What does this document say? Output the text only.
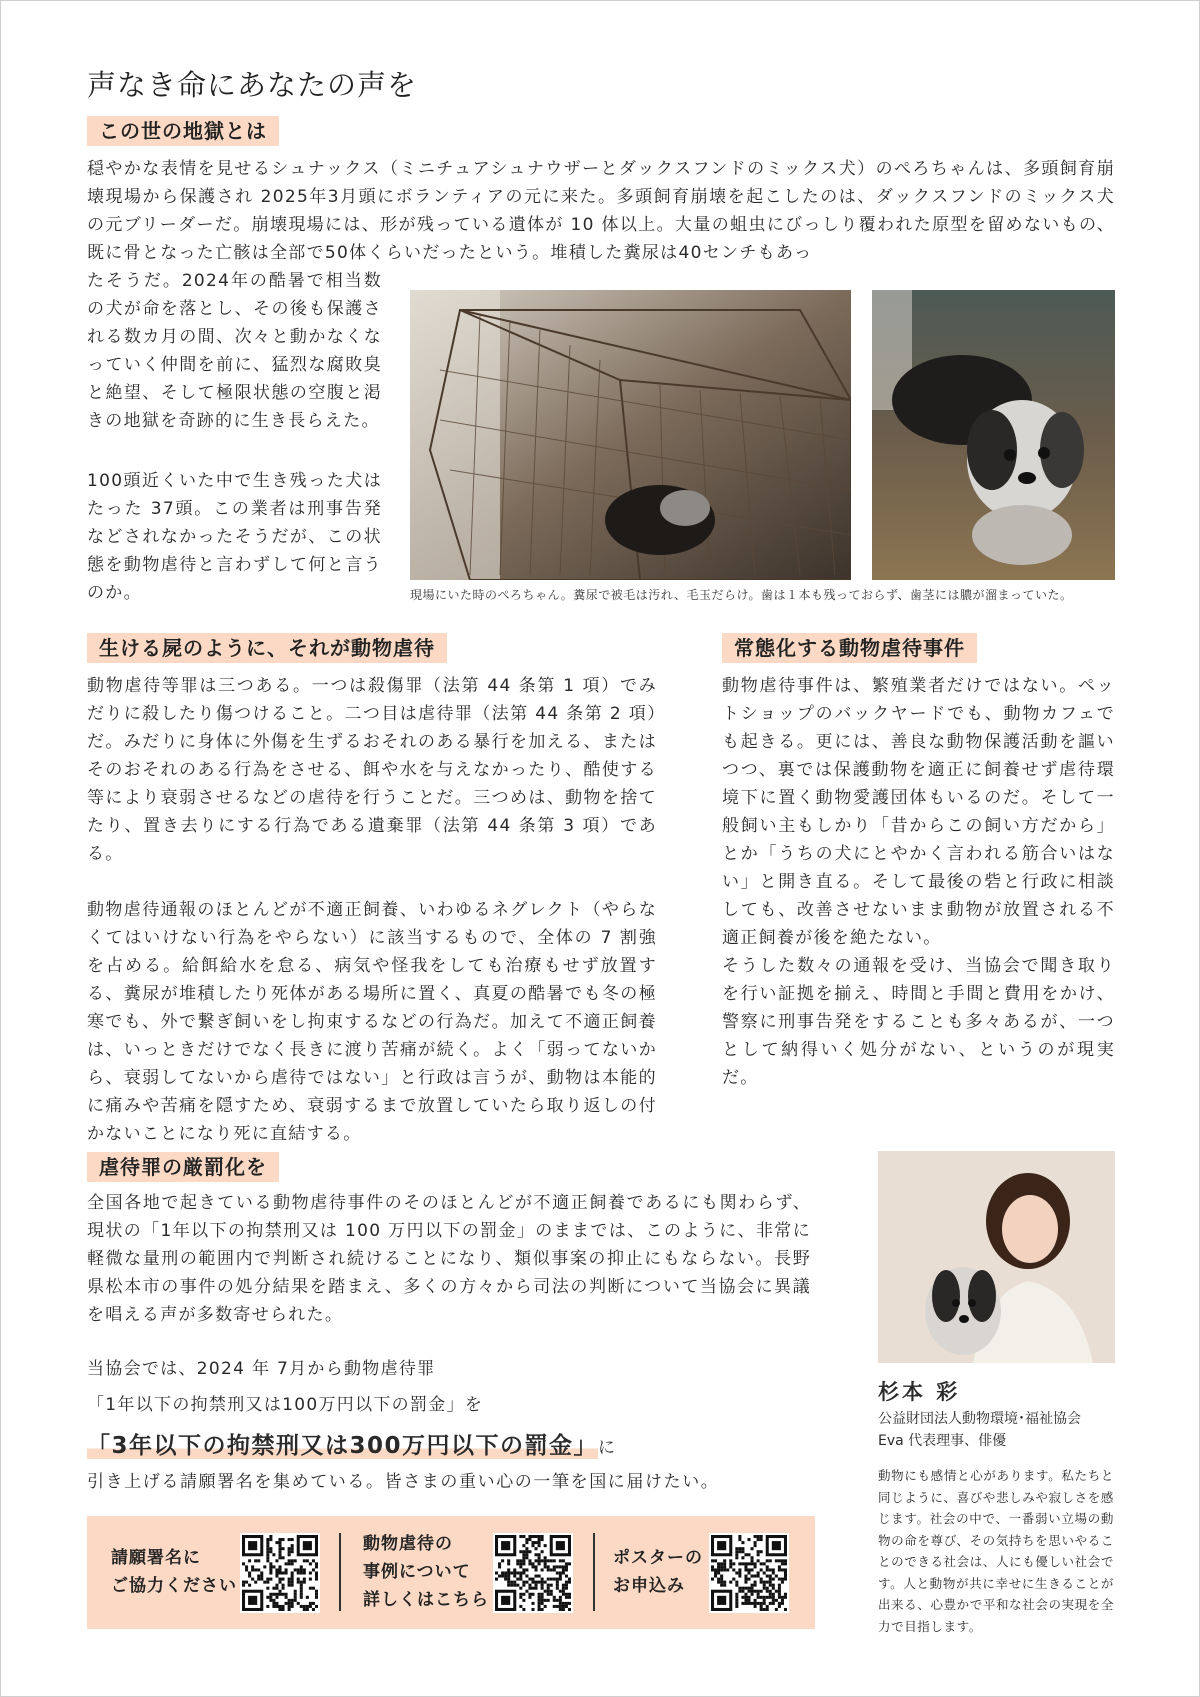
声なき命にあなたの声を
この世の地獄とは

穏やかな表情を見せるシュナックス（ミニチュアシュナウザーとダックスフンドのミックス犬）のぺろちゃんは、多頭飼育崩壊現場から保護され 2025年3月頭にボランティアの元に来た。多頭飼育崩壊を起こしたのは、ダックスフンドのミックス犬の元ブリーダーだ。崩壊現場には、形が残っている遺体が 10 体以上。大量の蛆虫にびっしり覆われた原型を留めないもの、既に骨となった亡骸は全部で50体くらいだったという。堆積した糞尿は40センチもあっ

たそうだ。2024年の酷暑で相当数の犬が命を落とし、その後も保護される数カ月の間、次々と動かなくなっていく仲間を前に、猛烈な腐敗臭と絶望、そして極限状態の空腹と渇きの地獄を奇跡的に生き長らえた。

100頭近くいた中で生き残った犬はたった 37頭。この業者は刑事告発などされなかったそうだが、この状態を動物虐待と言わずして何と言うのか。	現場にいた時のぺろちゃん。糞尿で被毛は汚れ、毛玉だらけ。歯は１本も残っておらず、歯茎には膿が溜まっていた。
生ける屍のように、それが動物虐待

動物虐待等罪は三つある。一つは殺傷罪（法第 44 条第 1 項）でみだりに殺したり傷つけること。二つ目は虐待罪（法第 44 条第 2 項）だ。みだりに身体に外傷を生ずるおそれのある暴行を加える、またはそのおそれのある行為をさせる、餌や水を与えなかったり、酷使する等により衰弱させるなどの虐待を行うことだ。三つめは、動物を捨てたり、置き去りにする行為である遺棄罪（法第 44 条第 3 項）である。

動物虐待通報のほとんどが不適正飼養、いわゆるネグレクト（やらなくてはいけない行為をやらない）に該当するもので、全体の 7 割強を占める。給餌給水を怠る、病気や怪我をしても治療もせず放置する、糞尿が堆積したり死体がある場所に置く、真夏の酷暑でも冬の極寒でも、外で繋ぎ飼いをし拘束するなどの行為だ。加えて不適正飼養は、いっときだけでなく長きに渡り苦痛が続く。よく「弱ってないから、衰弱してないから虐待ではない」と行政は言うが、動物は本能的に痛みや苦痛を隠すため、衰弱するまで放置していたら取り返しの付かないことになり死に直結する。

常態化する動物虐待事件

動物虐待事件は、繁殖業者だけではない。ペットショップのバックヤードでも、動物カフェでも起きる。更には、善良な動物保護活動を謳いつつ、裏では保護動物を適正に飼養せず虐待環境下に置く動物愛護団体もいるのだ。そして一般飼い主もしかり「昔からこの飼い方だから」とか「うちの犬にとやかく言われる筋合いはない」と開き直る。そして最後の砦と行政に相談しても、改善させないまま動物が放置される不適正飼養が後を絶たない。

そうした数々の通報を受け、当協会で聞き取りを行い証拠を揃え、時間と手間と費用をかけ、警察に刑事告発をすることも多々あるが、一つとして納得いく処分がない、というのが現実だ。

虐待罪の厳罰化を

全国各地で起きている動物虐待事件のそのほとんどが不適正飼養であるにも関わらず、現状の「1年以下の拘禁刑又は 100 万円以下の罰金」のままでは、このように、非常に軽微な量刑の範囲内で判断され続けることになり、類似事案の抑止にもならない。長野県松本市の事件の処分結果を踏まえ、多くの方々から司法の判断について当協会に異議を唱える声が多数寄せられた。

当協会では、2024 年 7月から動物虐待罪
「1年以下の拘禁刑又は100万円以下の罰金」を
「3年以下の拘禁刑又は300万円以下の罰金」に
引き上げる請願署名を集めている。皆さまの重い心の一筆を国に届けたい。
請願署名に
ご協力ください
動物虐待の
事例について
詳しくはこちら
ポスターの
お申込み
杉本 彩
公益財団法人動物環境･福祉協会
Eva 代表理事、俳優

動物にも感情と心があります。私たちと同じように、喜びや悲しみや寂しさを感じます。社会の中で、一番弱い立場の動物の命を尊び、その気持ちを思いやることのできる社会は、人にも優しい社会です。人と動物が共に幸せに生きることが出来る、心豊かで平和な社会の実現を全力で目指します。
